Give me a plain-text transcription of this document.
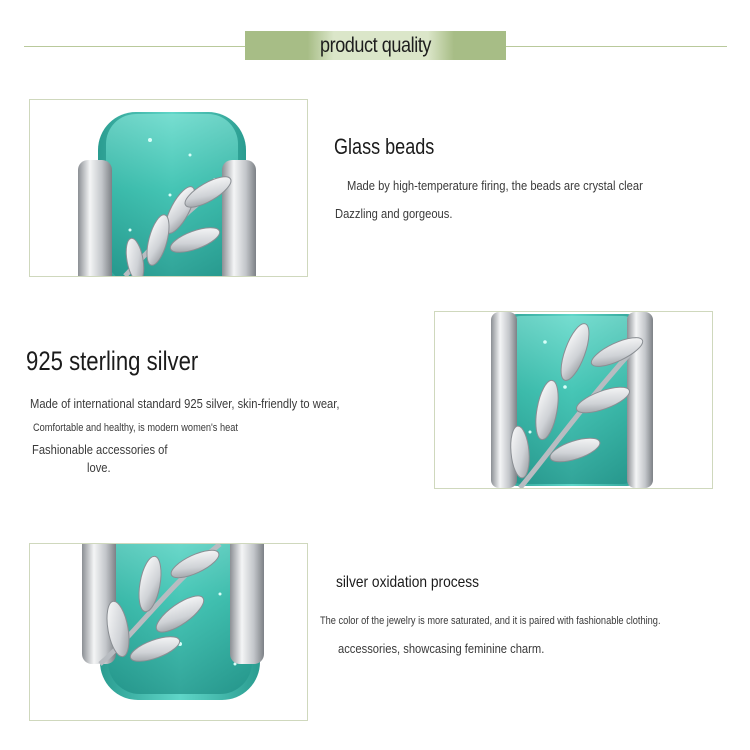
product quality
Glass beads
Made by high-temperature firing, the beads are crystal clear
Dazzling and gorgeous.
925 sterling silver
Made of international standard 925 silver, skin-friendly to wear,
Comfortable and healthy, is modern women's heat
Fashionable accessories of
love.
silver oxidation process
The color of the jewelry is more saturated, and it is paired with fashionable clothing.
accessories, showcasing feminine charm.
